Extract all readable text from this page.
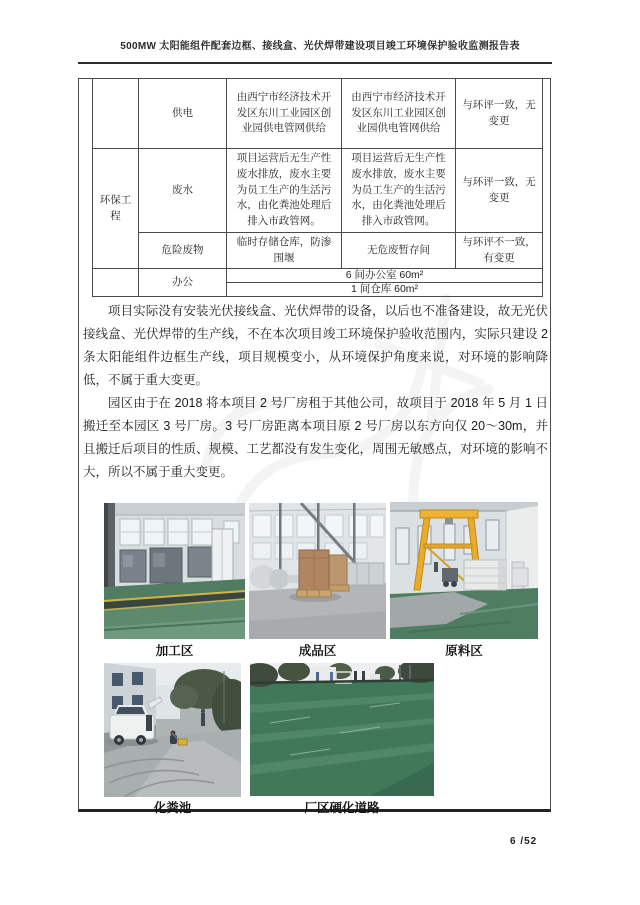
500MW 太阳能组件配套边框、接线盒、光伏焊带建设项目竣工环境保护验收监测报告表
	供电	由西宁市经济技术开发区东川工业园区创业园供电管网供给	由西宁市经济技术开发区东川工业园区创业园供电管网供给	与环评一致，无变更
环保工程	废水	项目运营后无生产性废水排放，废水主要为员工生产的生活污水，由化粪池处理后排入市政管网。	项目运营后无生产性废水排放，废水主要为员工生产的生活污水，由化粪池处理后排入市政管网。	与环评一致，无变更
	危险废物	临时存储仓库，防渗围堰	无危废暂存间	与环评不一致，有变更
	办公	6 间办公室 60m²		
		1 间仓库 60m²		

项目实际没有安装光伏接线盒、光伏焊带的设备，以后也不准备建设，故无光伏接线盒、光伏焊带的生产线，不在本次项目竣工环境保护验收范围内，实际只建设 2 条太阳能组件边框生产线，项目规模变小，从环境保护角度来说，对环境的影响降低，不属于重大变更。

园区由于在 2018 将本项目 2 号厂房租于其他公司，故项目于 2018 年 5 月 1 日搬迁至本园区 3 号厂房。3 号厂房距离本项目原 2 号厂房以东方向仅 20～30m，并且搬迁后项目的性质、规模、工艺都没有发生变化，周围无敏感点，对环境的影响不大，所以不属于重大变更。

加工区	成品区	原料区
化粪池	厂区硬化道路
6 /52
